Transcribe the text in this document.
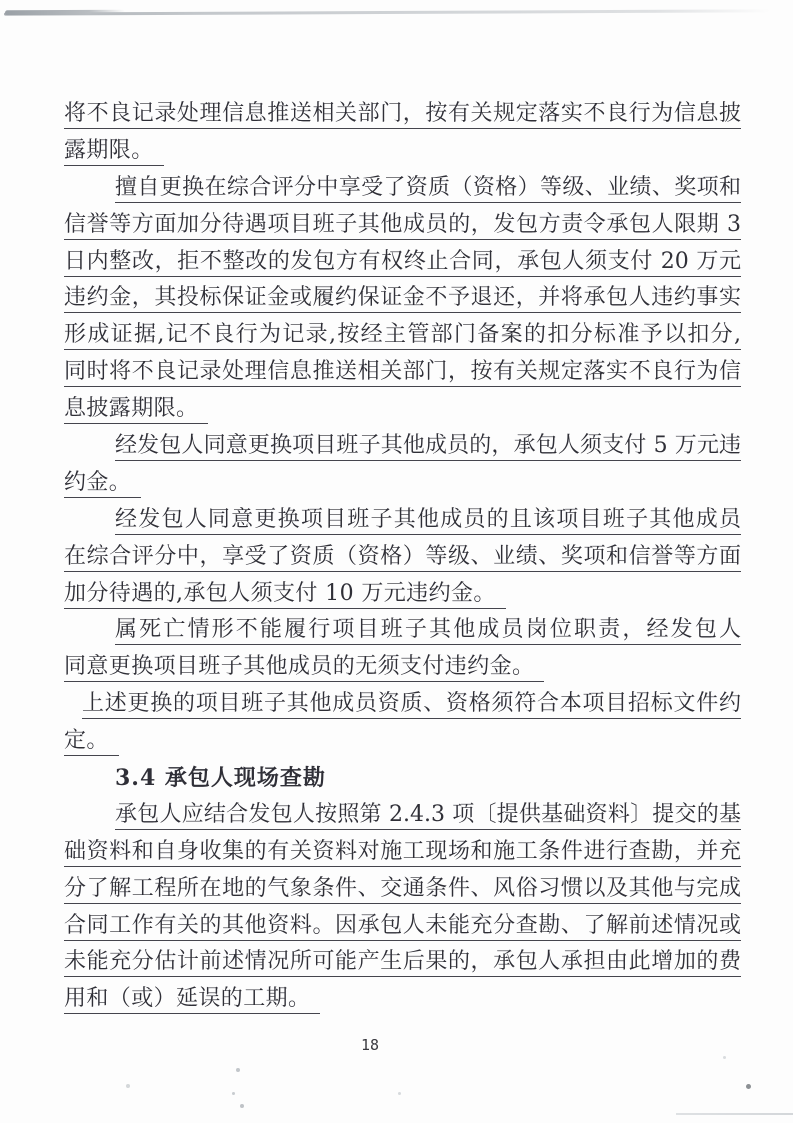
将不良记录处理信息推送相关部门，按有关规定落实不良行为信息披
露期限。
擅自更换在综合评分中享受了资质（资格）等级、业绩、奖项和
信誉等方面加分待遇项目班子其他成员的，发包方责令承包人限期 3
日内整改，拒不整改的发包方有权终止合同，承包人须支付 20 万元
违约金，其投标保证金或履约保证金不予退还，并将承包人违约事实
形成证据,记不良行为记录,按经主管部门备案的扣分标准予以扣分,
同时将不良记录处理信息推送相关部门，按有关规定落实不良行为信
息披露期限。
经发包人同意更换项目班子其他成员的，承包人须支付 5 万元违
约金。
经发包人同意更换项目班子其他成员的且该项目班子其他成员
在综合评分中，享受了资质（资格）等级、业绩、奖项和信誉等方面
加分待遇的,承包人须支付 10 万元违约金。
属死亡情形不能履行项目班子其他成员岗位职责，经发包人
同意更换项目班子其他成员的无须支付违约金。
上述更换的项目班子其他成员资质、资格须符合本项目招标文件约
定。
3.4 承包人现场查勘
承包人应结合发包人按照第 2.4.3 项〔提供基础资料〕提交的基
础资料和自身收集的有关资料对施工现场和施工条件进行查勘，并充
分了解工程所在地的气象条件、交通条件、风俗习惯以及其他与完成
合同工作有关的其他资料。因承包人未能充分查勘、了解前述情况或
未能充分估计前述情况所可能产生后果的，承包人承担由此增加的费
用和（或）延误的工期。
18
